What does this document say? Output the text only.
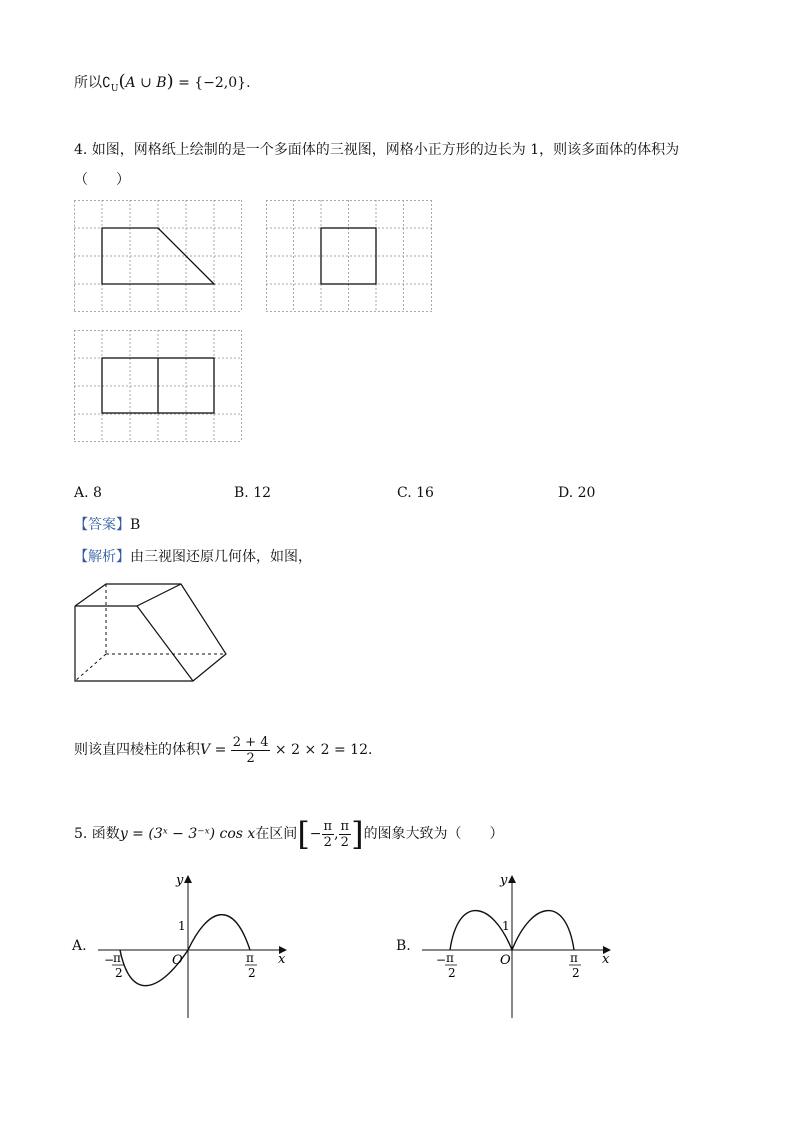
所以$∁_U(A$ ∪ B) = {−2,0}.
4. 如图，网格纸上绘制的是一个多面体的三视图，网格小正方形的边长为 1，则该多面体的体积为
（　　）
A. 8	B. 12	C. 16	D. 20
【答案】B
【解析】由三视图还原几何体，如图，
则该直四棱柱的体积$V = \frac{2 + 4}{2} \times 2 \times 2 = 12$.
5. 函数y = (3ˣ − 3⁻ˣ) cos x在区间[− $\frac{\pi}{2}$ , $\frac{\pi}{2}$ ]的图象大致为（　　）
A.
y
x
O
1
−
π
2
π
2
B.
y
x
O
1
− π
2
π
2
